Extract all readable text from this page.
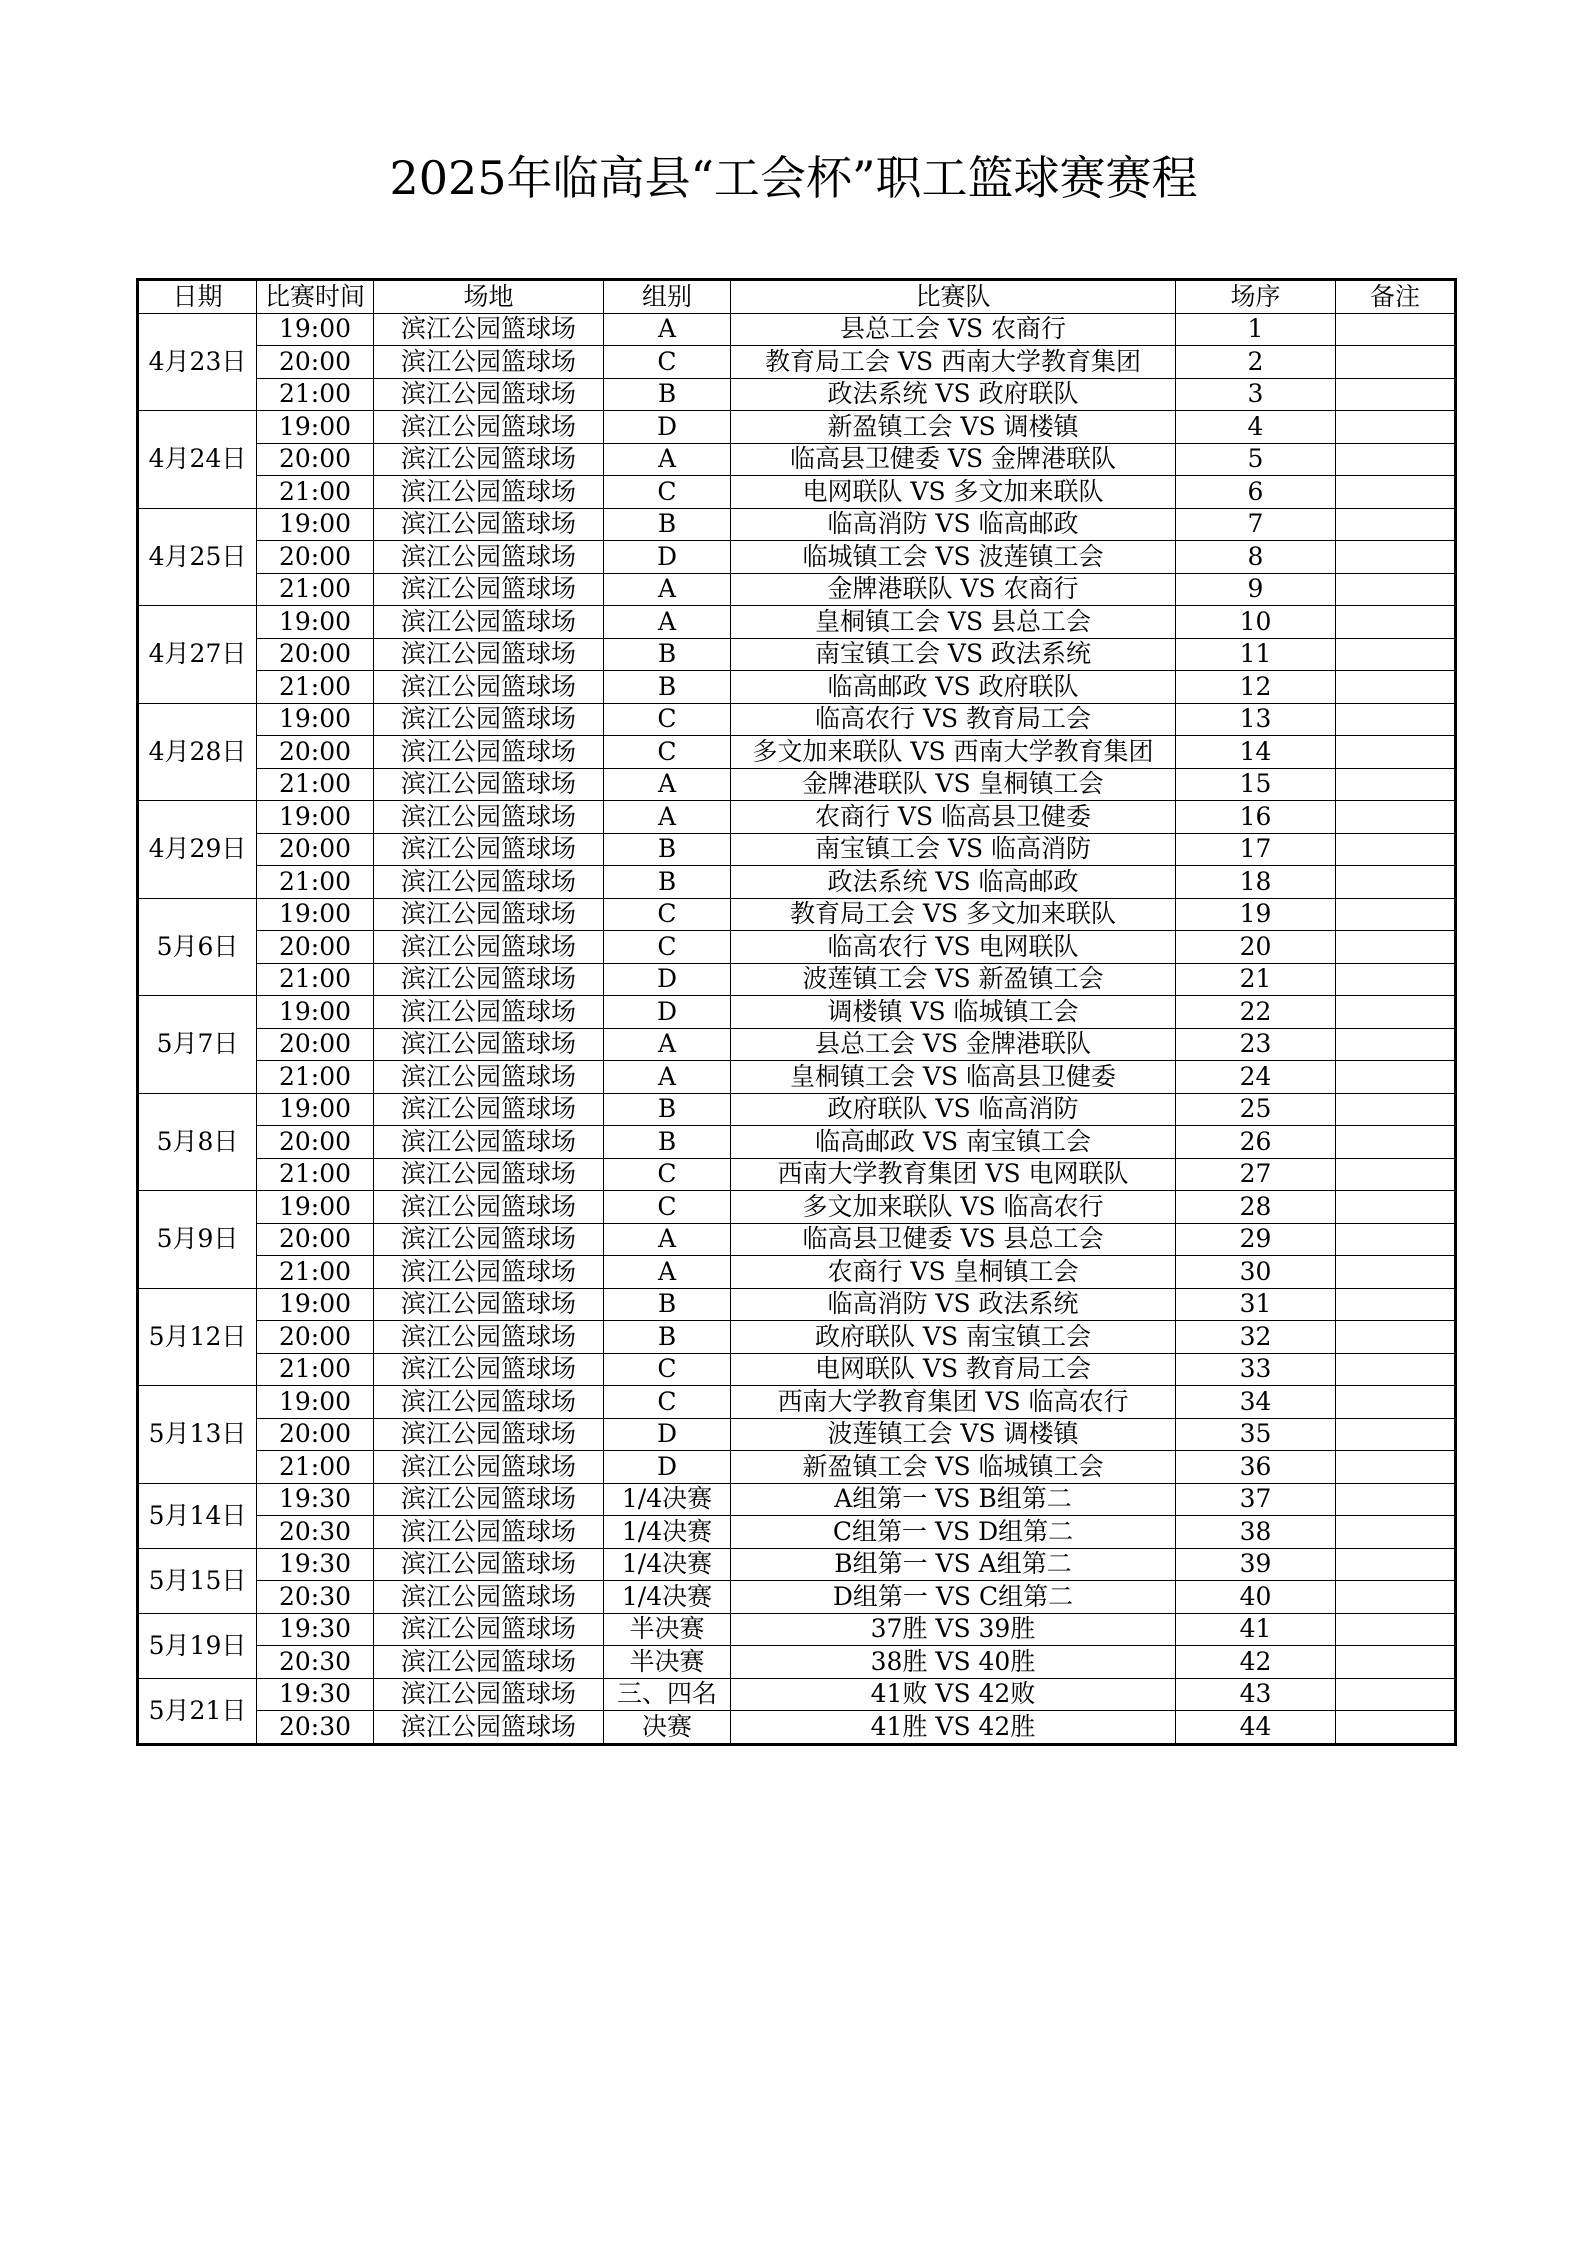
2025年临高县“工会杯”职工篮球赛赛程
日期	比赛时间	场地	组别	比赛队	场序	备注
4月23日	19:00	滨江公园篮球场	A	县总工会 VS 农商行	1	
	20:00	滨江公园篮球场	C	教育局工会 VS 西南大学教育集团	2	
	21:00	滨江公园篮球场	B	政法系统 VS 政府联队	3	
4月24日	19:00	滨江公园篮球场	D	新盈镇工会 VS 调楼镇	4	
	20:00	滨江公园篮球场	A	临高县卫健委 VS 金牌港联队	5	
	21:00	滨江公园篮球场	C	电网联队 VS 多文加来联队	6	
4月25日	19:00	滨江公园篮球场	B	临高消防 VS 临高邮政	7	
	20:00	滨江公园篮球场	D	临城镇工会 VS 波莲镇工会	8	
	21:00	滨江公园篮球场	A	金牌港联队 VS 农商行	9	
4月27日	19:00	滨江公园篮球场	A	皇桐镇工会 VS 县总工会	10	
	20:00	滨江公园篮球场	B	南宝镇工会 VS 政法系统	11	
	21:00	滨江公园篮球场	B	临高邮政 VS 政府联队	12	
4月28日	19:00	滨江公园篮球场	C	临高农行 VS 教育局工会	13	
	20:00	滨江公园篮球场	C	多文加来联队 VS 西南大学教育集团	14	
	21:00	滨江公园篮球场	A	金牌港联队 VS 皇桐镇工会	15	
4月29日	19:00	滨江公园篮球场	A	农商行 VS 临高县卫健委	16	
	20:00	滨江公园篮球场	B	南宝镇工会 VS 临高消防	17	
	21:00	滨江公园篮球场	B	政法系统 VS 临高邮政	18	
5月6日	19:00	滨江公园篮球场	C	教育局工会 VS 多文加来联队	19	
	20:00	滨江公园篮球场	C	临高农行 VS 电网联队	20	
	21:00	滨江公园篮球场	D	波莲镇工会 VS 新盈镇工会	21	
5月7日	19:00	滨江公园篮球场	D	调楼镇 VS 临城镇工会	22	
	20:00	滨江公园篮球场	A	县总工会 VS 金牌港联队	23	
	21:00	滨江公园篮球场	A	皇桐镇工会 VS 临高县卫健委	24	
5月8日	19:00	滨江公园篮球场	B	政府联队 VS 临高消防	25	
	20:00	滨江公园篮球场	B	临高邮政 VS 南宝镇工会	26	
	21:00	滨江公园篮球场	C	西南大学教育集团 VS 电网联队	27	
5月9日	19:00	滨江公园篮球场	C	多文加来联队 VS 临高农行	28	
	20:00	滨江公园篮球场	A	临高县卫健委 VS 县总工会	29	
	21:00	滨江公园篮球场	A	农商行 VS 皇桐镇工会	30	
5月12日	19:00	滨江公园篮球场	B	临高消防 VS 政法系统	31	
	20:00	滨江公园篮球场	B	政府联队 VS 南宝镇工会	32	
	21:00	滨江公园篮球场	C	电网联队 VS 教育局工会	33	
5月13日	19:00	滨江公园篮球场	C	西南大学教育集团 VS 临高农行	34	
	20:00	滨江公园篮球场	D	波莲镇工会 VS 调楼镇	35	
	21:00	滨江公园篮球场	D	新盈镇工会 VS 临城镇工会	36	
5月14日	19:30	滨江公园篮球场	1/4决赛	A组第一 VS B组第二	37	
	20:30	滨江公园篮球场	1/4决赛	C组第一 VS D组第二	38	
5月15日	19:30	滨江公园篮球场	1/4决赛	B组第一 VS A组第二	39	
	20:30	滨江公园篮球场	1/4决赛	D组第一 VS C组第二	40	
5月19日	19:30	滨江公园篮球场	半决赛	37胜 VS 39胜	41	
	20:30	滨江公园篮球场	半决赛	38胜 VS 40胜	42	
5月21日	19:30	滨江公园篮球场	三、四名	41败 VS 42败	43	
	20:30	滨江公园篮球场	决赛	41胜 VS 42胜	44	
